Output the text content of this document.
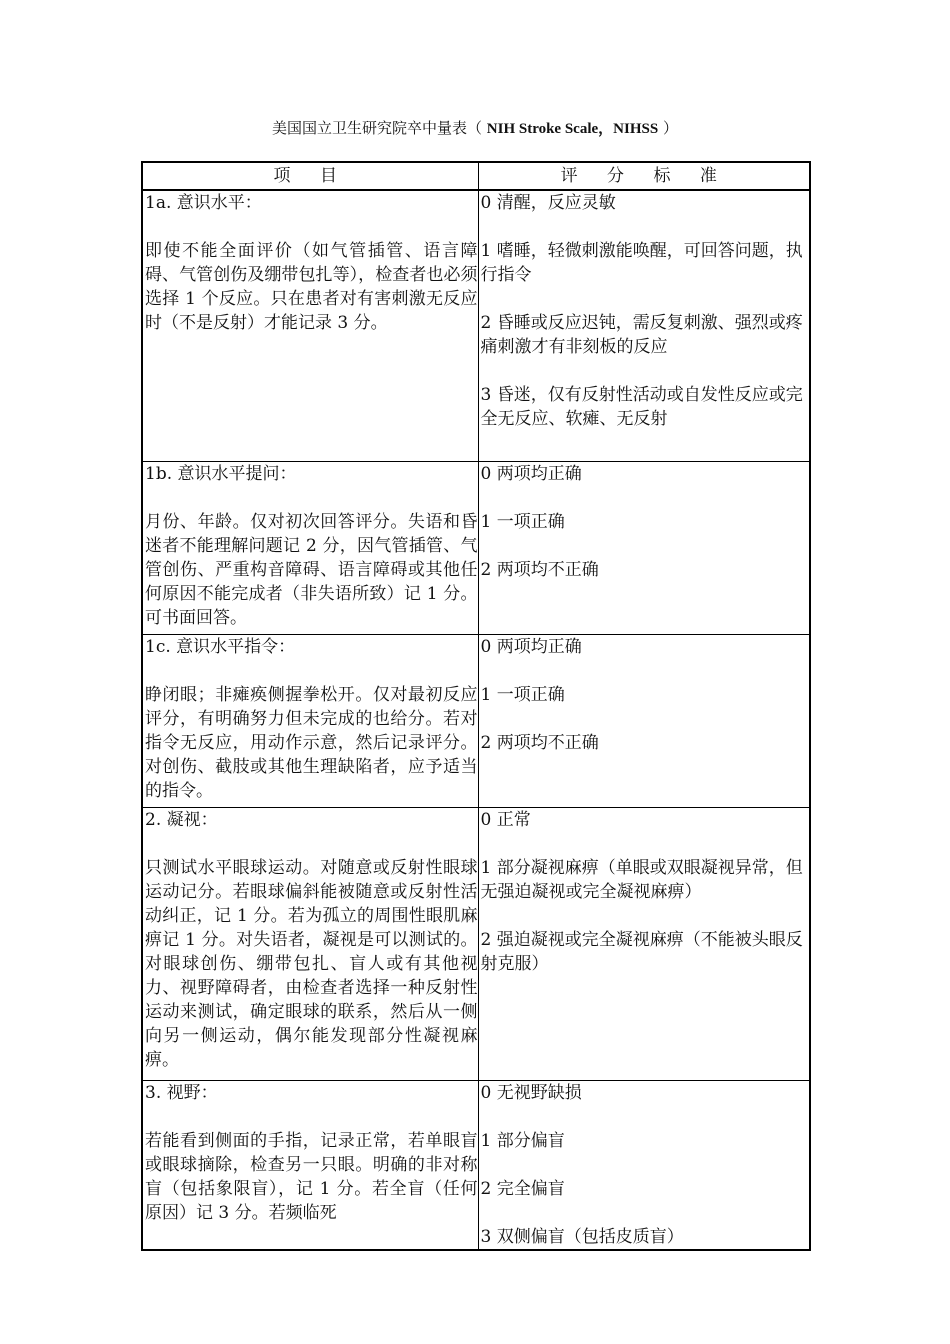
美国国立卫生研究院卒中量表（ NIH Stroke Scale，NIHSS ）
项 目	评 分 标 准

1a. 意识水平：

即使不能全面评价（如气管插管、语言障碍、气管创伤及绷带包扎等），检查者也必须选择 1 个反应。只在患者对有害刺激无反应时（不是反射）才能记录 3 分。	0 清醒，反应灵敏
1 嗜睡，轻微刺激能唤醒，可回答问题，执行指令
2 昏睡或反应迟钝，需反复刺激、强烈或疼痛刺激才有非刻板的反应
3 昏迷，仅有反射性活动或自发性反应或完全无反应、软瘫、无反射

1b. 意识水平提问：

月份、年龄。仅对初次回答评分。失语和昏迷者不能理解问题记 2 分，因气管插管、气管创伤、严重构音障碍、语言障碍或其他任何原因不能完成者（非失语所致）记 1 分。可书面回答。	0 两项均正确
1 一项正确
2 两项均不正确

1c. 意识水平指令：

睁闭眼；非瘫痪侧握拳松开。仅对最初反应评分，有明确努力但未完成的也给分。若对指令无反应，用动作示意，然后记录评分。对创伤、截肢或其他生理缺陷者，应予适当的指令。	0 两项均正确
1 一项正确
2 两项均不正确

2. 凝视：

只测试水平眼球运动。对随意或反射性眼球运动记分。若眼球偏斜能被随意或反射性活动纠正，记 1 分。若为孤立的周围性眼肌麻痹记 1 分。对失语者，凝视是可以测试的。对眼球创伤、绷带包扎、盲人或有其他视力、视野障碍者，由检查者选择一种反射性运动来测试，确定眼球的联系，然后从一侧向另一侧运动，偶尔能发现部分性凝视麻痹。	0 正常
1 部分凝视麻痹（单眼或双眼凝视异常，但无强迫凝视或完全凝视麻痹）
2 强迫凝视或完全凝视麻痹（不能被头眼反射克服）

3. 视野：

若能看到侧面的手指，记录正常，若单眼盲或眼球摘除，检查另一只眼。明确的非对称盲（包括象限盲），记 1 分。若全盲（任何原因）记 3 分。若频临死	0 无视野缺损
1 部分偏盲
2 完全偏盲
3 双侧偏盲（包括皮质盲）
